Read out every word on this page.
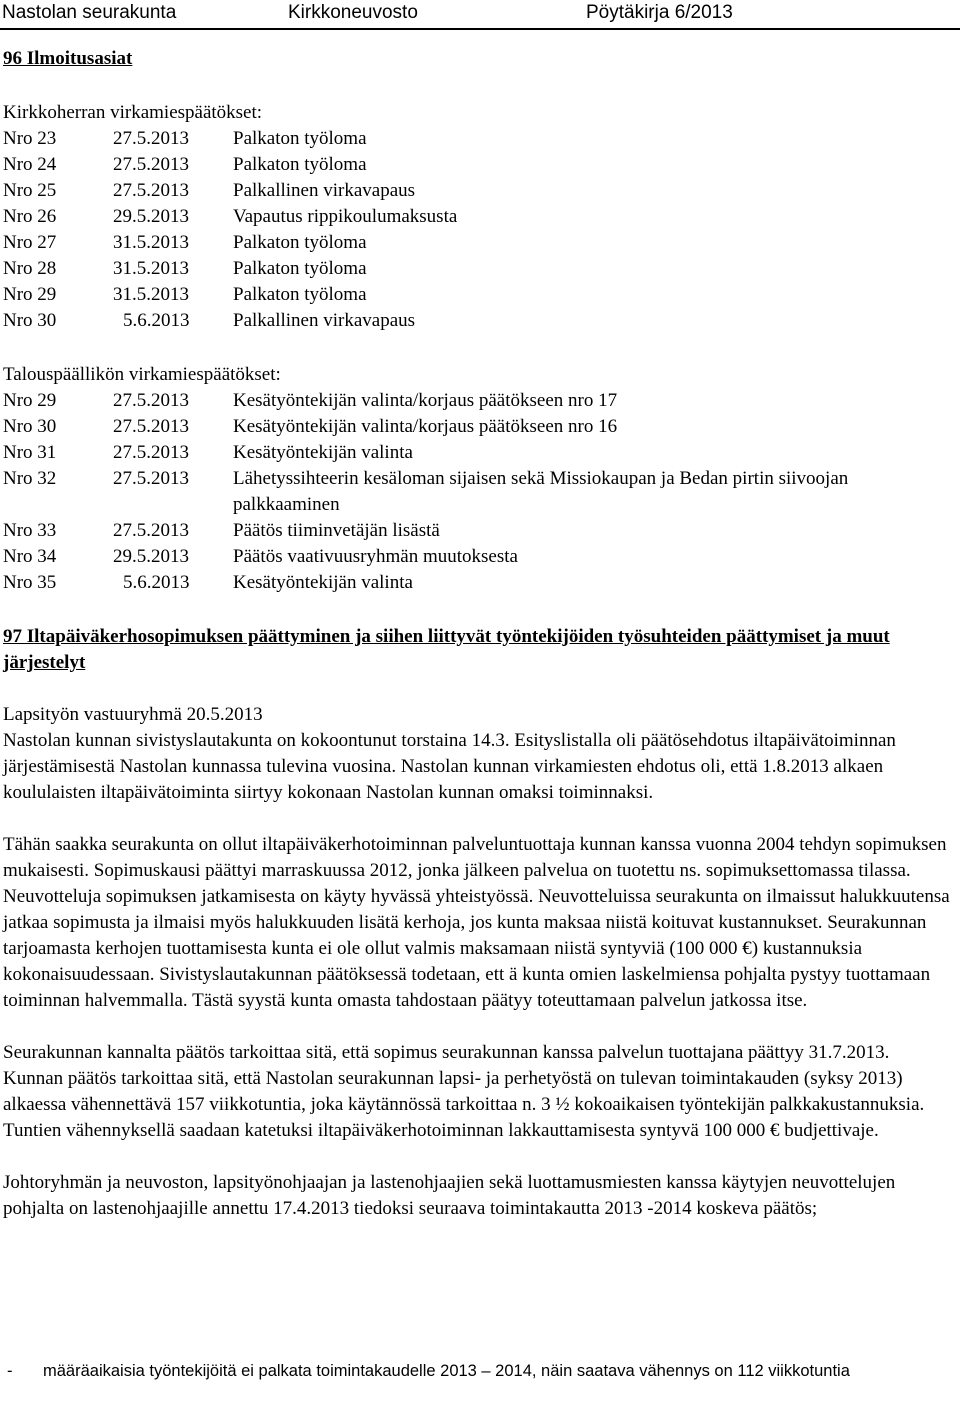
Nastolan seurakunta	Kirkkoneuvosto	Pöytäkirja 6/2013

96 Ilmoitusasiat

Kirkkoherran virkamiespäätökset:

Nro 23	27.5.2013	Palkaton työloma
Nro 24	27.5.2013	Palkaton työloma
Nro 25	27.5.2013	Palkallinen virkavapaus
Nro 26	29.5.2013	Vapautus rippikoulumaksusta
Nro 27	31.5.2013	Palkaton työloma
Nro 28	31.5.2013	Palkaton työloma
Nro 29	31.5.2013	Palkaton työloma
Nro 30	5.6.2013	Palkallinen virkavapaus

Talouspäällikön virkamiespäätökset:

Nro 29	27.5.2013	Kesätyöntekijän valinta/korjaus päätökseen nro 17
Nro 30	27.5.2013	Kesätyöntekijän valinta/korjaus päätökseen nro 16
Nro 31	27.5.2013	Kesätyöntekijän valinta
Nro 32	27.5.2013	Lähetyssihteerin kesäloman sijaisen sekä Missiokaupan ja Bedan pirtin siivoojan palkkaaminen
Nro 33	27.5.2013	Päätös tiiminvetäjän lisästä
Nro 34	29.5.2013	Päätös vaativuusryhmän muutoksesta
Nro 35	5.6.2013	Kesätyöntekijän valinta

97 Iltapäiväkerhosopimuksen päättyminen ja siihen liittyvät työntekijöiden työsuhteiden päättymiset ja muut järjestelyt

Lapsityön vastuuryhmä 20.5.2013

Nastolan kunnan sivistyslautakunta on kokoontunut torstaina 14.3. Esityslistalla oli päätösehdotus iltapäivätoiminnan järjestämisestä Nastolan kunnassa tulevina vuosina. Nastolan kunnan virkamiesten ehdotus oli, että 1.8.2013 alkaen koululaisten iltapäivätoiminta siirtyy kokonaan Nastolan kunnan omaksi toiminnaksi.

Tähän saakka seurakunta on ollut iltapäiväkerhotoiminnan palveluntuottaja kunnan kanssa vuonna 2004 tehdyn sopimuksen mukaisesti. Sopimuskausi päättyi marraskuussa 2012, jonka jälkeen palvelua on tuotettu ns. sopimuksettomassa tilassa. Neuvotteluja sopimuksen jatkamisesta on käyty hyvässä yhteistyössä. Neuvotteluissa seurakunta on ilmaissut halukkuutensa jatkaa sopimusta ja ilmaisi myös halukkuuden lisätä kerhoja, jos kunta maksaa niistä koituvat kustannukset. Seurakunnan tarjoamasta kerhojen tuottamisesta kunta ei ole ollut valmis maksamaan niistä syntyviä (100 000 €) kustannuksia kokonaisuudessaan. Sivistyslautakunnan päätöksessä todetaan, ett ä kunta omien laskelmiensa pohjalta pystyy tuottamaan toiminnan halvemmalla. Tästä syystä kunta omasta tahdostaan päätyy toteuttamaan palvelun jatkossa itse.

Seurakunnan kannalta päätös tarkoittaa sitä, että sopimus seurakunnan kanssa palvelun tuottajana päättyy 31.7.2013. Kunnan päätös tarkoittaa sitä, että Nastolan seurakunnan lapsi- ja perhetyöstä on tulevan toimintakauden (syksy 2013) alkaessa vähennettävä 157 viikkotuntia, joka käytännössä tarkoittaa n. 3 ½ kokoaikaisen työntekijän palkkakustannuksia. Tuntien vähennyksellä saadaan katetuksi iltapäiväkerhotoiminnan lakkauttamisesta syntyvä 100 000 € budjettivaje.

Johtoryhmän ja neuvoston, lapsityönohjaajan ja lastenohjaajien sekä luottamusmiesten kanssa käytyjen neuvottelujen pohjalta on lastenohjaajille annettu 17.4.2013 tiedoksi seuraava toimintakautta 2013 -2014 koskeva päätös;

-	määräaikaisia työntekijöitä ei palkata toimintakaudelle 2013 – 2014, näin saatava vähennys on 112 viikkotuntia
